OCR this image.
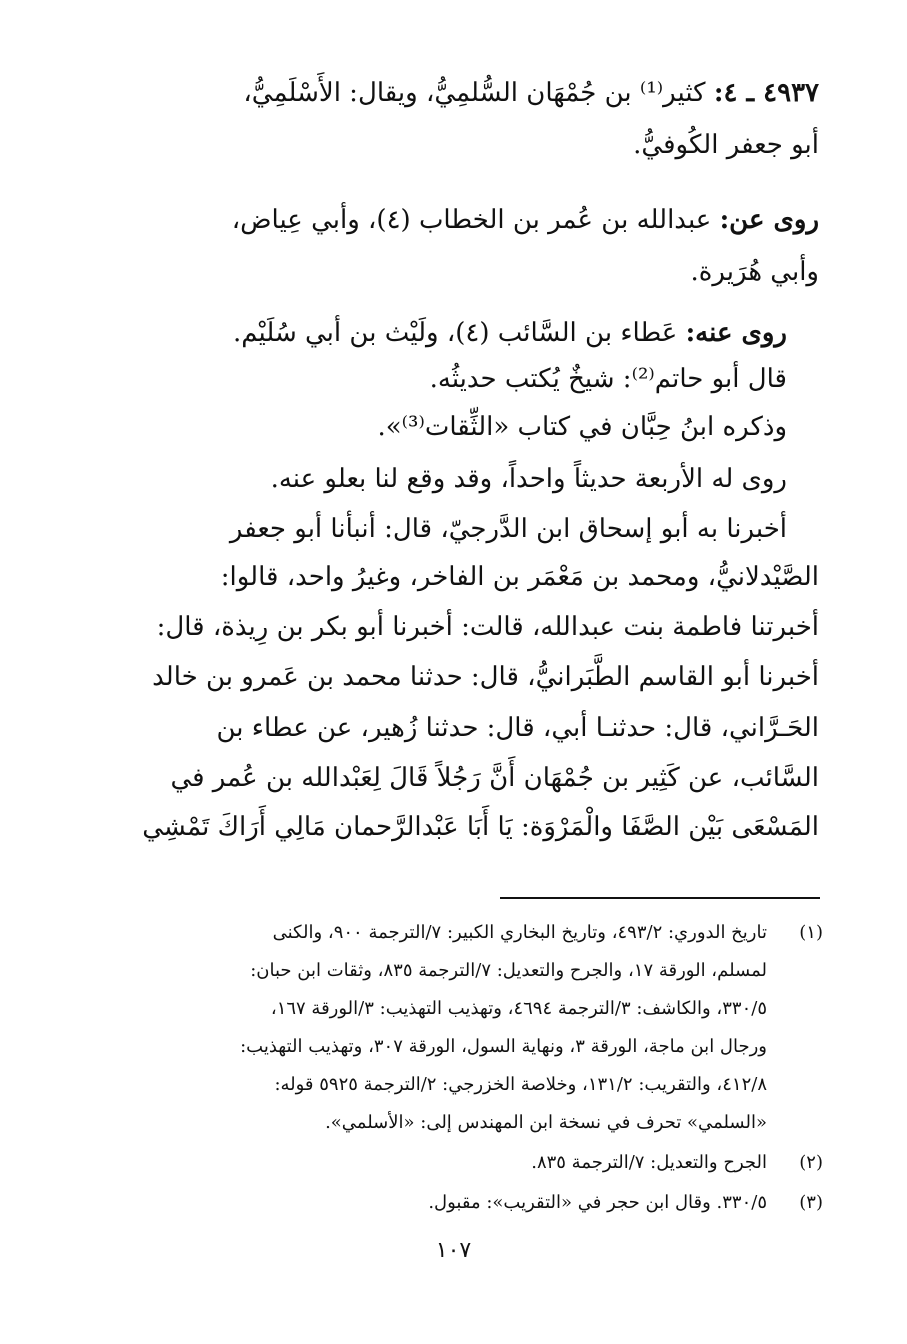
٤٩٣٧ ـ ٤: كثير⁽¹⁾ بن جُمْهَان السُّلمِيُّ، ويقال: الأَسْلَمِيُّ،
أبو جعفر الكُوفيُّ.
روى عن: عبدالله بن عُمر بن الخطاب (٤)، وأبي عِياض،
وأبي هُرَيرة.
روى عنه: عَطاء بن السَّائب (٤)، ولَيْث بن أبي سُلَيْم.
قال أبو حاتم⁽²⁾: شيخٌ يُكتب حديثُه.
وذكره ابنُ حِبَّان في كتاب «الثِّقات⁽³⁾».
روى له الأربعة حديثاً واحداً، وقد وقع لنا بعلو عنه.
أخبرنا به أبو إسحاق ابن الدَّرجيّ، قال: أنبأنا أبو جعفر
الصَّيْدلانيُّ، ومحمد بن مَعْمَر بن الفاخر، وغيرُ واحد، قالوا:
أخبرتنا فاطمة بنت عبدالله، قالت: أخبرنا أبو بكر بن رِيذة، قال:
أخبرنا أبو القاسم الطَّبَرانيُّ، قال: حدثنا محمد بن عَمرو بن خالد
الحَـرَّاني، قال: حدثنـا أبي، قال: حدثنا زُهير، عن عطاء بن
السَّائب، عن كَثِير بن جُمْهَان أَنَّ رَجُلاً قَالَ لِعَبْدالله بن عُمر في
المَسْعَى بَيْن الصَّفَا والْمَرْوَة: يَا أَبَا عَبْدالرَّحمان مَالِي أَرَاكَ تَمْشِي
(١)
تاريخ الدوري: ٤٩٣/٢، وتاريخ البخاري الكبير: ٧/الترجمة ٩٠٠، والكنى
لمسلم، الورقة ١٧، والجرح والتعديل: ٧/الترجمة ٨٣٥، وثقات ابن حبان:
٣٣٠/٥، والكاشف: ٣/الترجمة ٤٦٩٤، وتهذيب التهذيب: ٣/الورقة ١٦٧،
ورجال ابن ماجة، الورقة ٣، ونهاية السول، الورقة ٣٠٧، وتهذيب التهذيب:
٤١٢/٨، والتقريب: ١٣١/٢، وخلاصة الخزرجي: ٢/الترجمة ٥٩٢٥ قوله:
«السلمي» تحرف في نسخة ابن المهندس إلى: «الأسلمي».
(٢)
الجرح والتعديل: ٧/الترجمة ٨٣٥.
(٣)
٣٣٠/٥. وقال ابن حجر في «التقريب»: مقبول.
١٠٧
